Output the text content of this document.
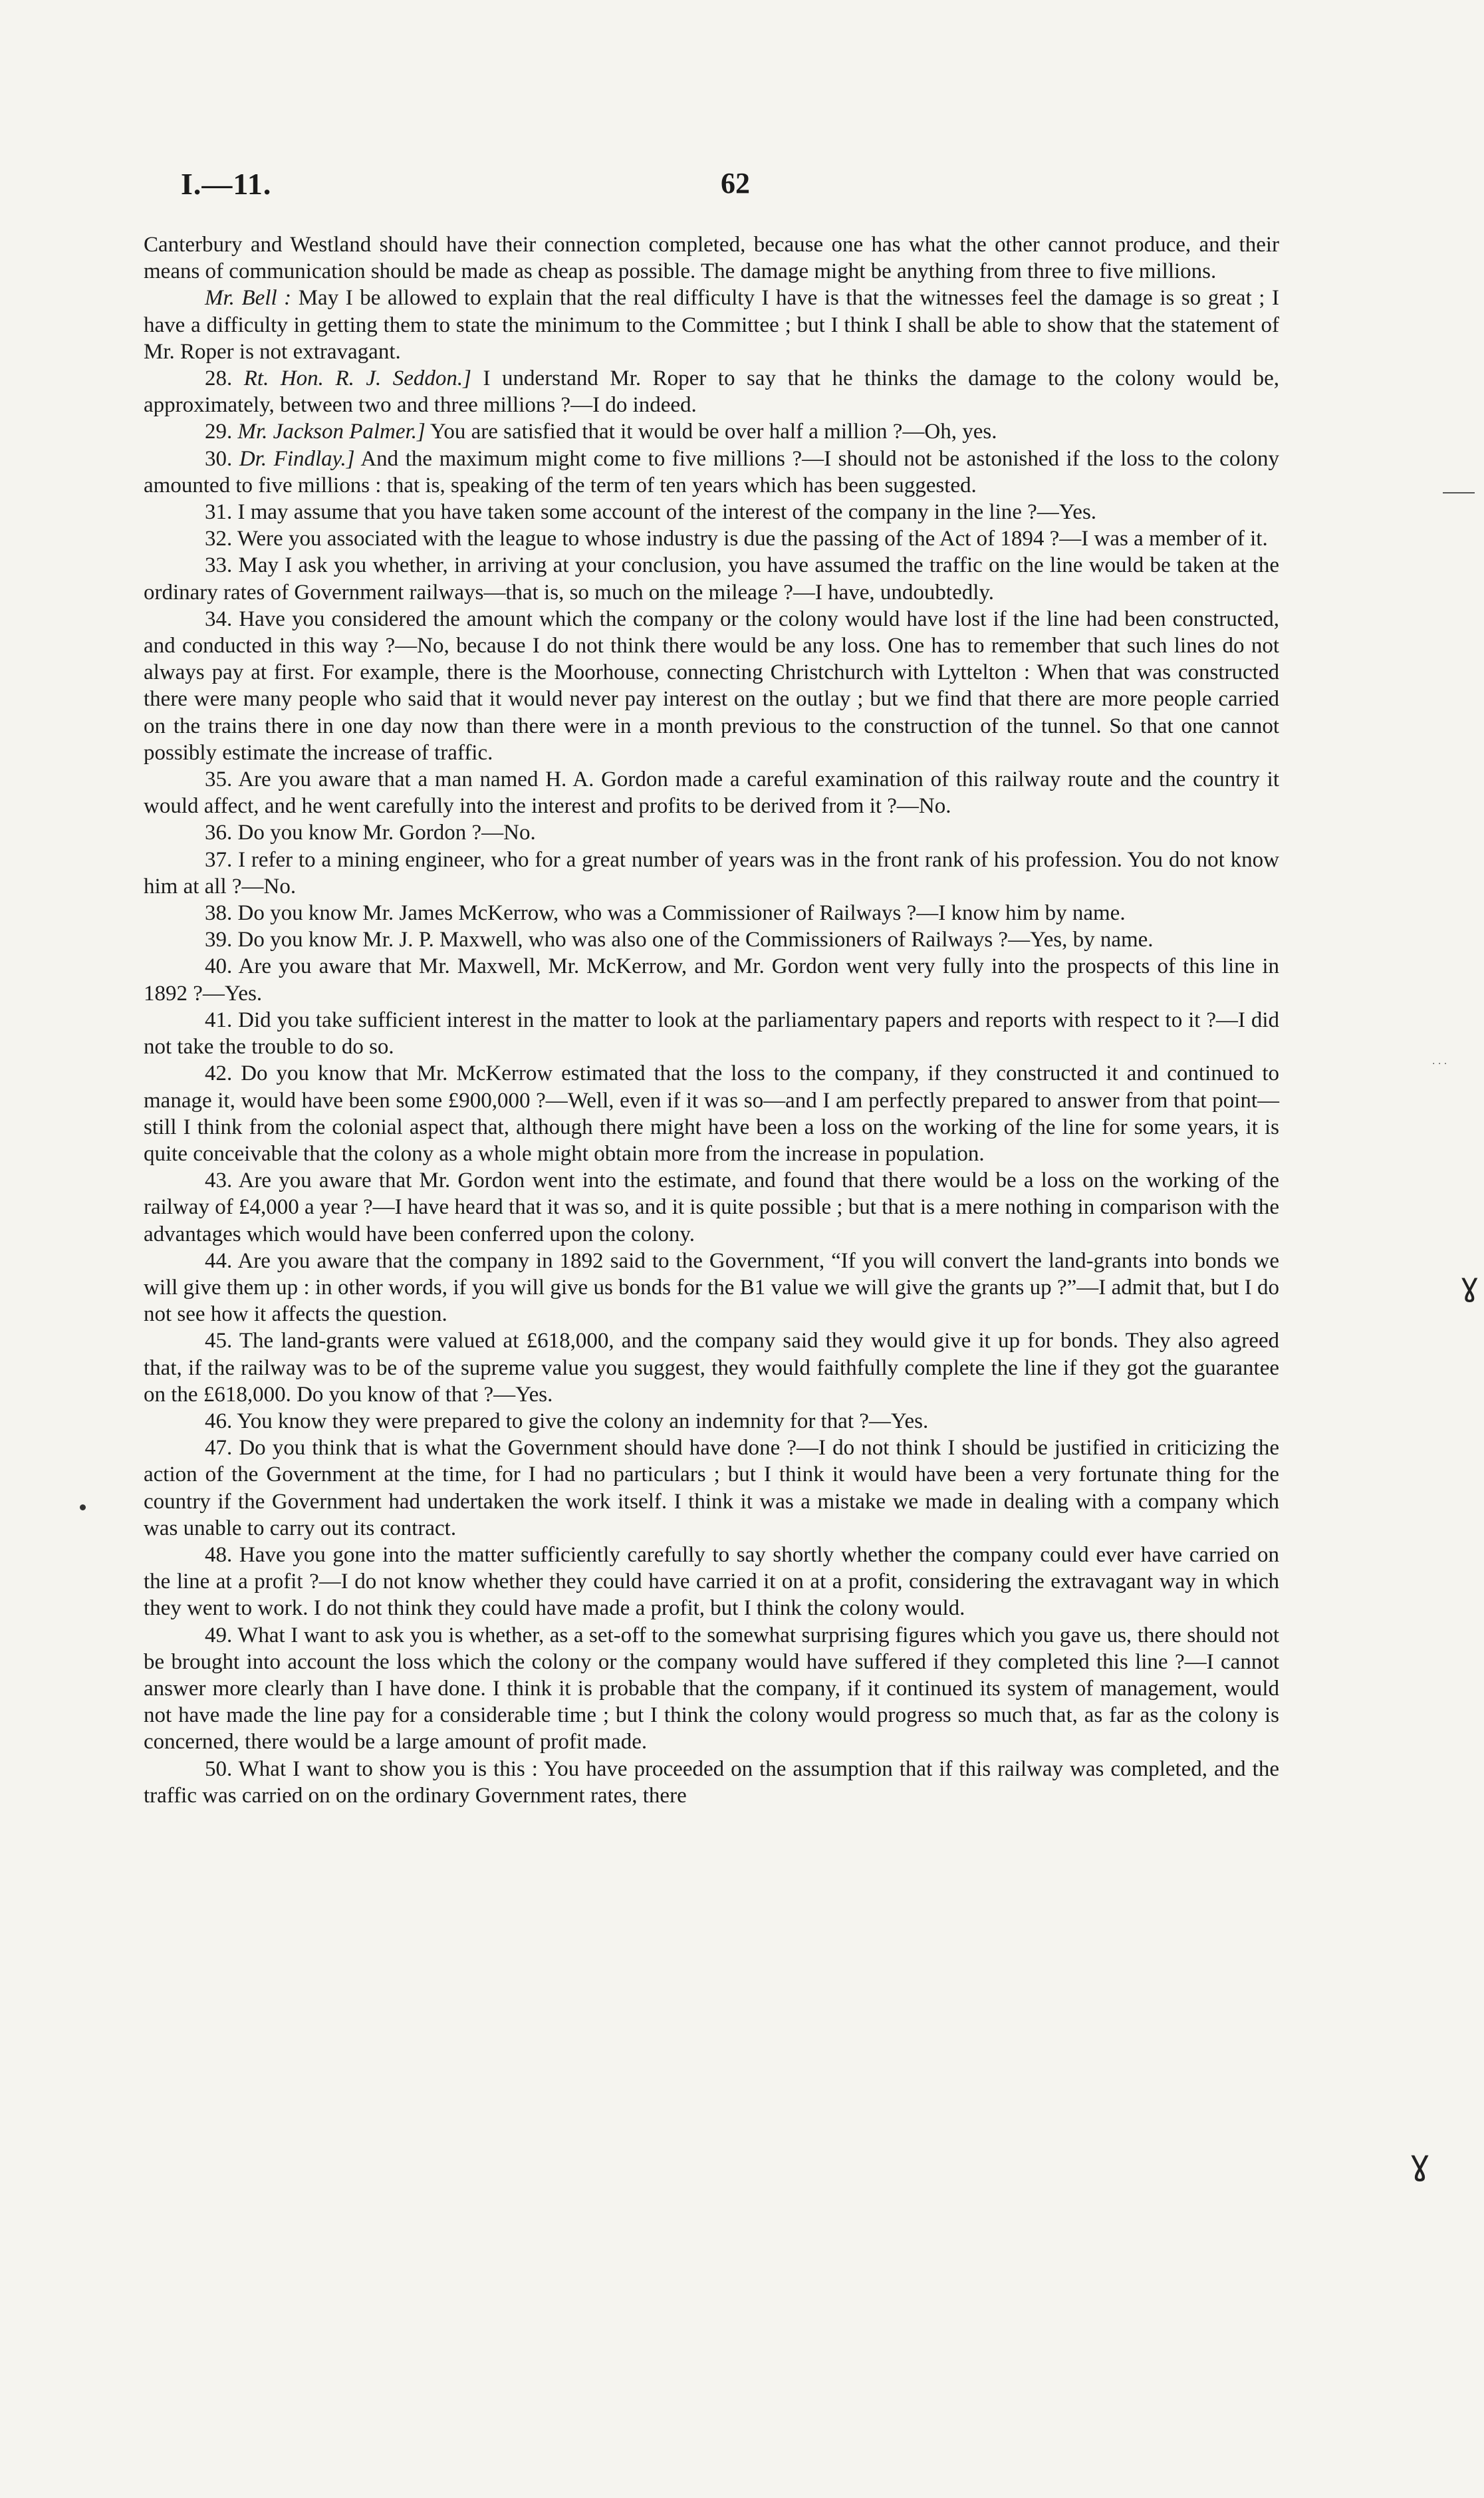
I.—11.	62

Canterbury and Westland should have their connection completed, because one has what the other cannot produce, and their means of communication should be made as cheap as possible. The damage might be anything from three to five millions.

Mr. Bell : May I be allowed to explain that the real difficulty I have is that the witnesses feel the damage is so great ; I have a difficulty in getting them to state the minimum to the Committee ; but I think I shall be able to show that the statement of Mr. Roper is not extravagant.

28. Rt. Hon. R. J. Seddon.] I understand Mr. Roper to say that he thinks the damage to the colony would be, approximately, between two and three millions ?—I do indeed.

29. Mr. Jackson Palmer.] You are satisfied that it would be over half a million ?—Oh, yes.

30. Dr. Findlay.] And the maximum might come to five millions ?—I should not be astonished if the loss to the colony amounted to five millions : that is, speaking of the term of ten years which has been suggested.

31. I may assume that you have taken some account of the interest of the company in the line ?—Yes.

32. Were you associated with the league to whose industry is due the passing of the Act of 1894 ?—I was a member of it.

33. May I ask you whether, in arriving at your conclusion, you have assumed the traffic on the line would be taken at the ordinary rates of Government railways—that is, so much on the mileage ?—I have, undoubtedly.

34. Have you considered the amount which the company or the colony would have lost if the line had been constructed, and conducted in this way ?—No, because I do not think there would be any loss. One has to remember that such lines do not always pay at first. For example, there is the Moorhouse, connecting Christchurch with Lyttelton : When that was constructed there were many people who said that it would never pay interest on the outlay ; but we find that there are more people carried on the trains there in one day now than there were in a month previous to the construction of the tunnel. So that one cannot possibly estimate the increase of traffic.

35. Are you aware that a man named H. A. Gordon made a careful examination of this railway route and the country it would affect, and he went carefully into the interest and profits to be derived from it ?—No.

36. Do you know Mr. Gordon ?—No.

37. I refer to a mining engineer, who for a great number of years was in the front rank of his profession. You do not know him at all ?—No.

38. Do you know Mr. James McKerrow, who was a Commissioner of Railways ?—I know him by name.

39. Do you know Mr. J. P. Maxwell, who was also one of the Commissioners of Railways ?—Yes, by name.

40. Are you aware that Mr. Maxwell, Mr. McKerrow, and Mr. Gordon went very fully into the prospects of this line in 1892 ?—Yes.

41. Did you take sufficient interest in the matter to look at the parliamentary papers and reports with respect to it ?—I did not take the trouble to do so.

42. Do you know that Mr. McKerrow estimated that the loss to the company, if they constructed it and continued to manage it, would have been some £900,000 ?—Well, even if it was so—and I am perfectly prepared to answer from that point—still I think from the colonial aspect that, although there might have been a loss on the working of the line for some years, it is quite conceivable that the colony as a whole might obtain more from the increase in population.

43. Are you aware that Mr. Gordon went into the estimate, and found that there would be a loss on the working of the railway of £4,000 a year ?—I have heard that it was so, and it is quite possible ; but that is a mere nothing in comparison with the advantages which would have been conferred upon the colony.

44. Are you aware that the company in 1892 said to the Government, “If you will convert the land-grants into bonds we will give them up : in other words, if you will give us bonds for the B1 value we will give the grants up ?”—I admit that, but I do not see how it affects the question.

45. The land-grants were valued at £618,000, and the company said they would give it up for bonds. They also agreed that, if the railway was to be of the supreme value you suggest, they would faithfully complete the line if they got the guarantee on the £618,000. Do you know of that ?—Yes.

46. You know they were prepared to give the colony an indemnity for that ?—Yes.

47. Do you think that is what the Government should have done ?—I do not think I should be justified in criticizing the action of the Government at the time, for I had no particulars ; but I think it would have been a very fortunate thing for the country if the Government had undertaken the work itself. I think it was a mistake we made in dealing with a company which was unable to carry out its contract.

48. Have you gone into the matter sufficiently carefully to say shortly whether the company could ever have carried on the line at a profit ?—I do not know whether they could have carried it on at a profit, considering the extravagant way in which they went to work. I do not think they could have made a profit, but I think the colony would.

49. What I want to ask you is whether, as a set-off to the somewhat surprising figures which you gave us, there should not be brought into account the loss which the colony or the company would have suffered if they completed this line ?—I cannot answer more clearly than I have done. I think it is probable that the company, if it continued its system of management, would not have made the line pay for a considerable time ; but I think the colony would progress so much that, as far as the colony is concerned, there would be a large amount of profit made.

50. What I want to show you is this : You have proceeded on the assumption that if this railway was completed, and the traffic was carried on on the ordinary Government rates, there

· · ·
ɣ
ɣ
